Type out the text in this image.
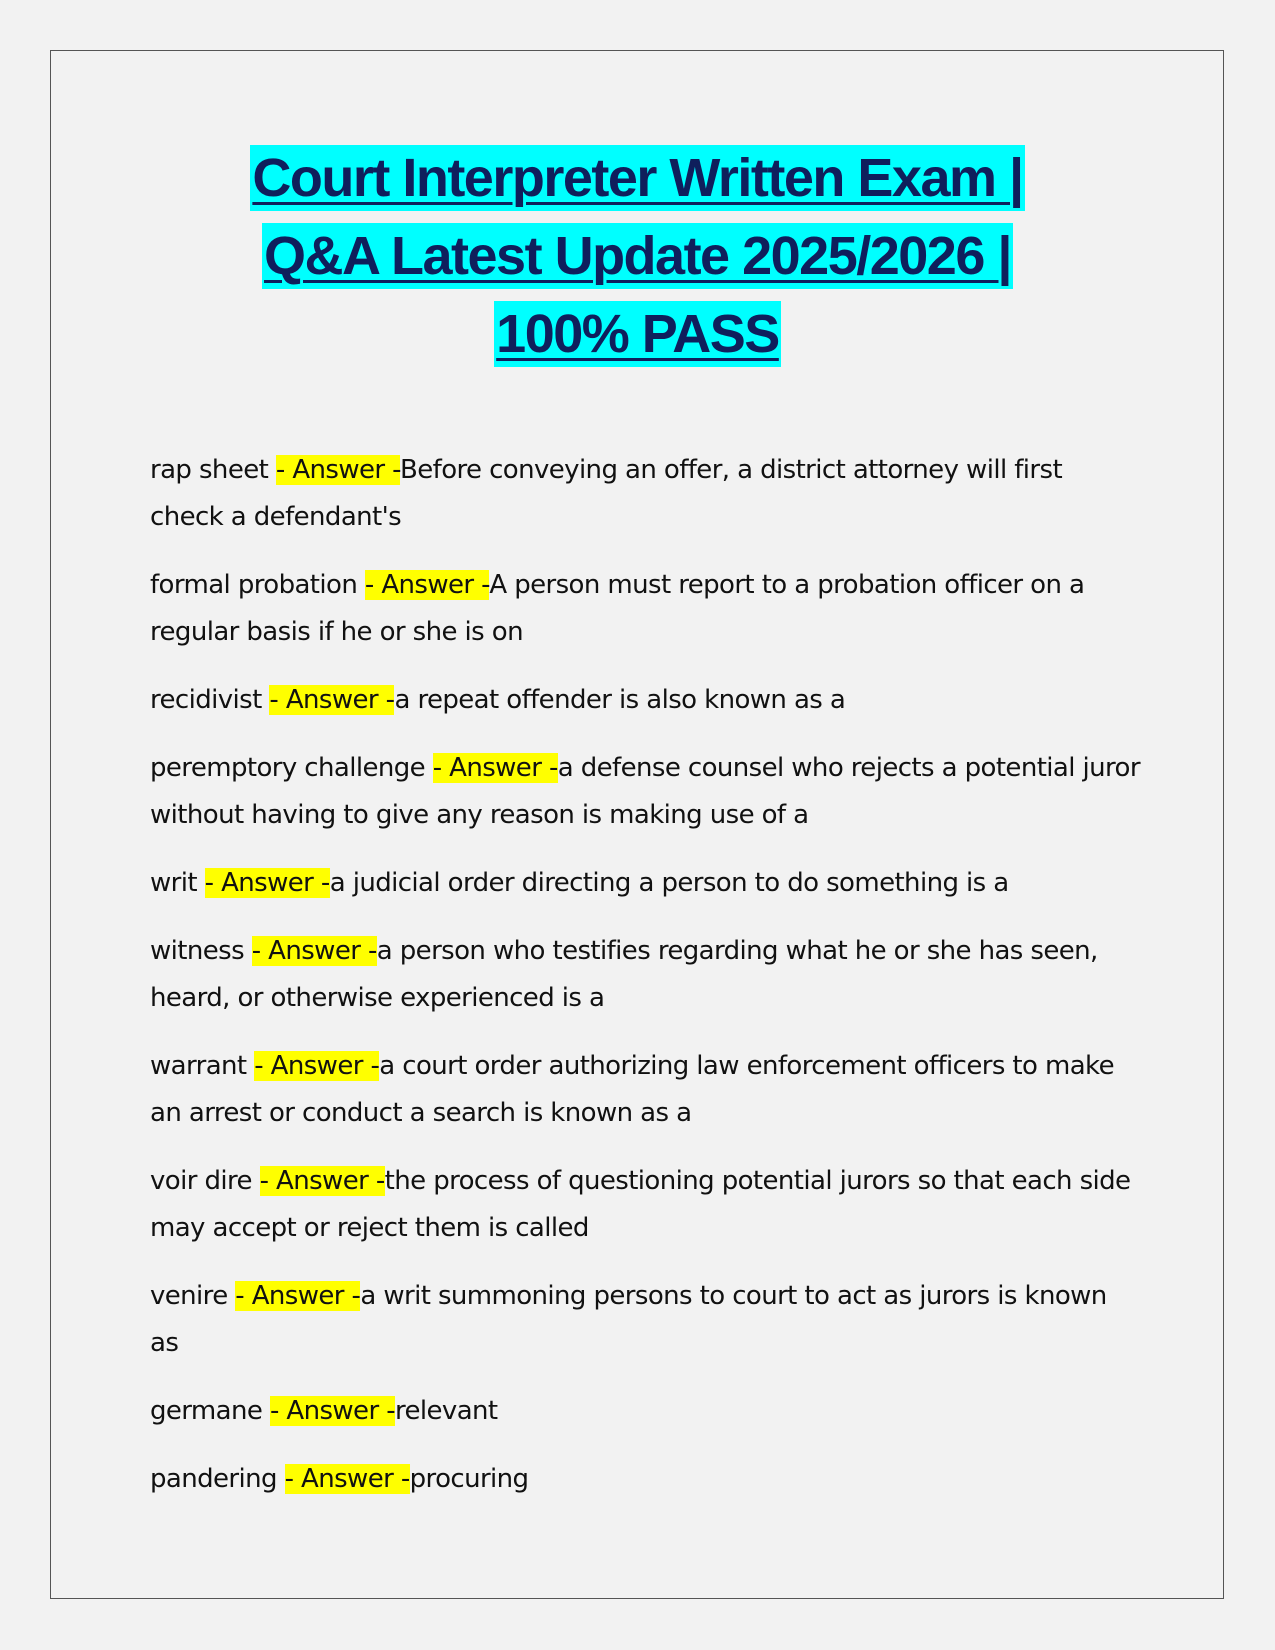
Court Interpreter Written Exam |
Q&A Latest Update 2025/2026 |
100% PASS
rap sheet - Answer -Before conveying an offer, a district attorney will first check a defendant's
formal probation - Answer -A person must report to a probation officer on a regular basis if he or she is on
recidivist - Answer -a repeat offender is also known as a
peremptory challenge - Answer -a defense counsel who rejects a potential juror without having to give any reason is making use of a
writ - Answer -a judicial order directing a person to do something is a
witness - Answer -a person who testifies regarding what he or she has seen, heard, or otherwise experienced is a
warrant - Answer -a court order authorizing law enforcement officers to make an arrest or conduct a search is known as a
voir dire - Answer -the process of questioning potential jurors so that each side may accept or reject them is called
venire - Answer -a writ summoning persons to court to act as jurors is known as
germane - Answer -relevant
pandering - Answer -procuring
